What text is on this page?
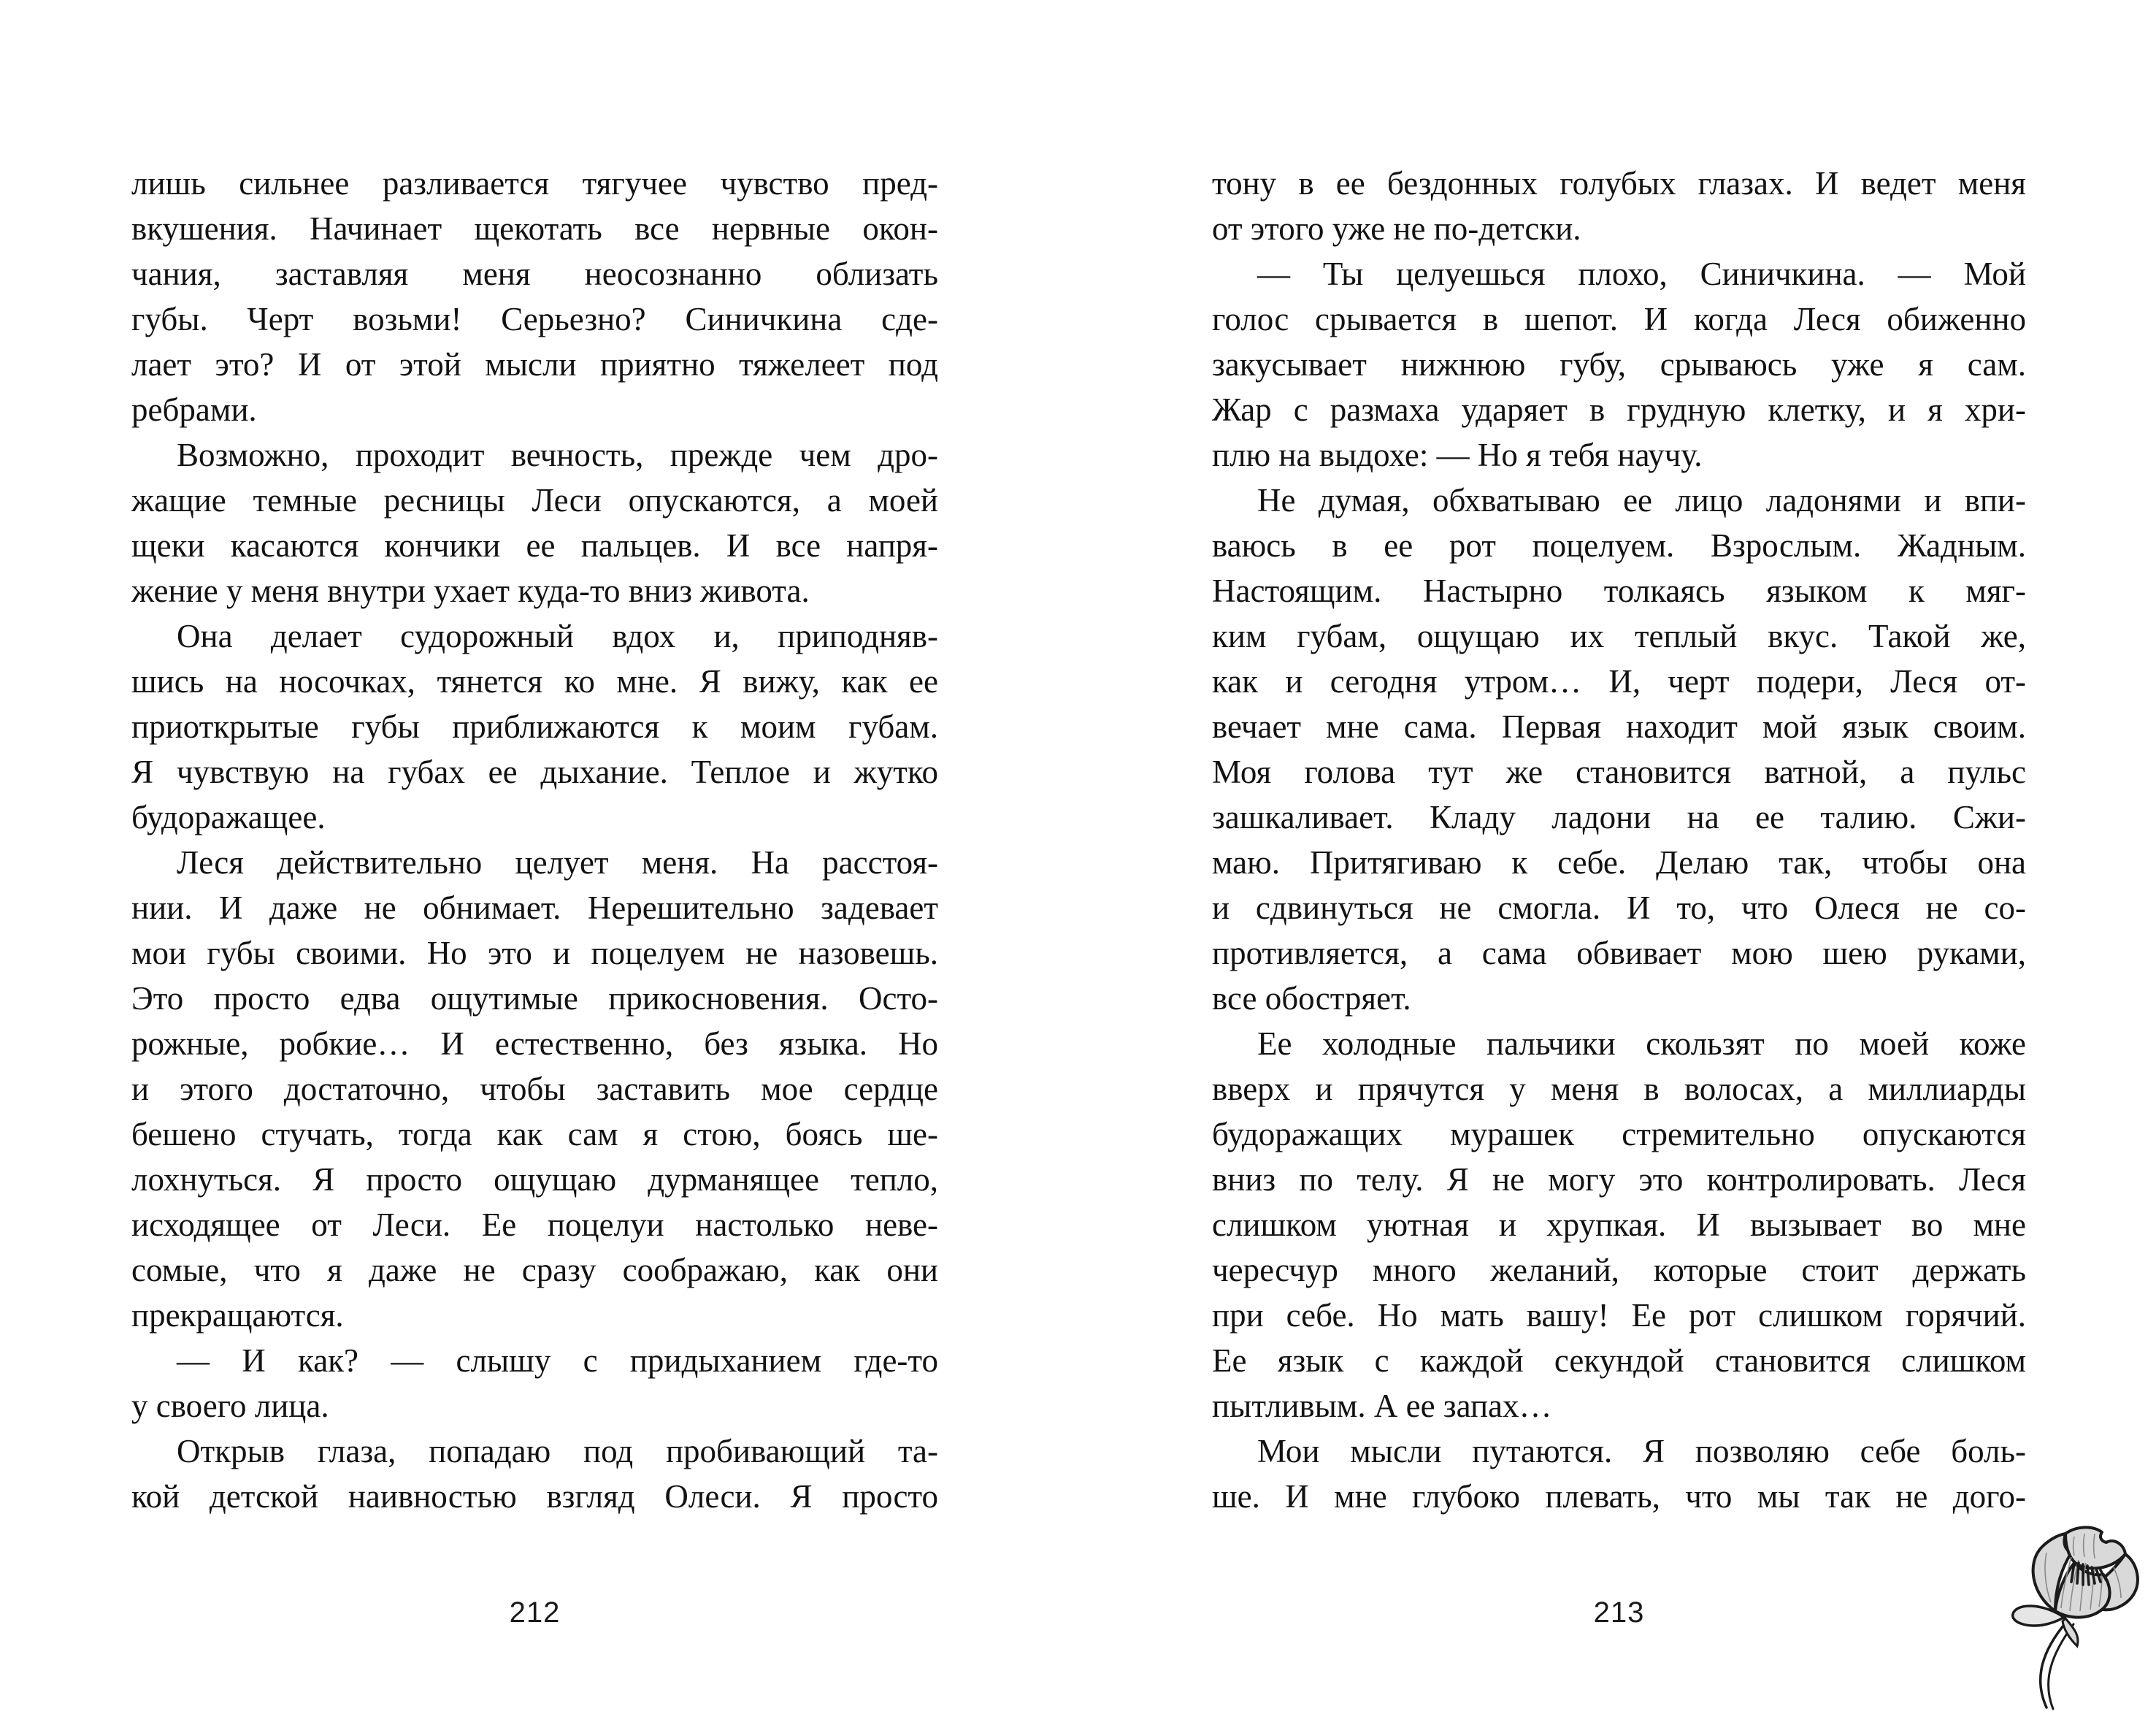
лишь сильнее разливается тягучее чувство пред-
вкушения. Начинает щекотать все нервные окон-
чания, заставляя меня неосознанно облизать
губы. Черт возьми! Серьезно? Синичкина сде-
лает это? И от этой мысли приятно тяжелеет под
ребрами.
Возможно, проходит вечность, прежде чем дро-
жащие темные ресницы Леси опускаются, а моей
щеки касаются кончики ее пальцев. И все напря-
жение у меня внутри ухает куда-то вниз живота.
Она делает судорожный вдох и, приподняв-
шись на носочках, тянется ко мне. Я вижу, как ее
приоткрытые губы приближаются к моим губам.
Я чувствую на губах ее дыхание. Теплое и жутко
будоражащее.
Леся действительно целует меня. На расстоя-
нии. И даже не обнимает. Нерешительно задевает
мои губы своими. Но это и поцелуем не назовешь.
Это просто едва ощутимые прикосновения. Осто-
рожные, робкие… И естественно, без языка. Но
и этого достаточно, чтобы заставить мое сердце
бешено стучать, тогда как сам я стою, боясь ше-
лохнуться. Я просто ощущаю дурманящее тепло,
исходящее от Леси. Ее поцелуи настолько неве-
сомые, что я даже не сразу соображаю, как они
прекращаются.
— И как? — слышу с придыханием где-то
у своего лица.
Открыв глаза, попадаю под пробивающий та-
кой детской наивностью взгляд Олеси. Я просто
212
тону в ее бездонных голубых глазах. И ведет меня
от этого уже не по-детски.
— Ты целуешься плохо, Синичкина. — Мой
голос срывается в шепот. И когда Леся обиженно
закусывает нижнюю губу, срываюсь уже я сам.
Жар с размаха ударяет в грудную клетку, и я хри-
плю на выдохе: — Но я тебя научу.
Не думая, обхватываю ее лицо ладонями и впи-
ваюсь в ее рот поцелуем. Взрослым. Жадным.
Настоящим. Настырно толкаясь языком к мяг-
ким губам, ощущаю их теплый вкус. Такой же,
как и сегодня утром… И, черт подери, Леся от-
вечает мне сама. Первая находит мой язык своим.
Моя голова тут же становится ватной, а пульс
зашкаливает. Кладу ладони на ее талию. Сжи-
маю. Притягиваю к себе. Делаю так, чтобы она
и сдвинуться не смогла. И то, что Олеся не со-
противляется, а сама обвивает мою шею руками,
все обостряет.
Ее холодные пальчики скользят по моей коже
вверх и прячутся у меня в волосах, а миллиарды
будоражащих мурашек стремительно опускаются
вниз по телу. Я не могу это контролировать. Леся
слишком уютная и хрупкая. И вызывает во мне
чересчур много желаний, которые стоит держать
при себе. Но мать вашу! Ее рот слишком горячий.
Ее язык с каждой секундой становится слишком
пытливым. А ее запах…
Мои мысли путаются. Я позволяю себе боль-
ше. И мне глубоко плевать, что мы так не дого-
213
